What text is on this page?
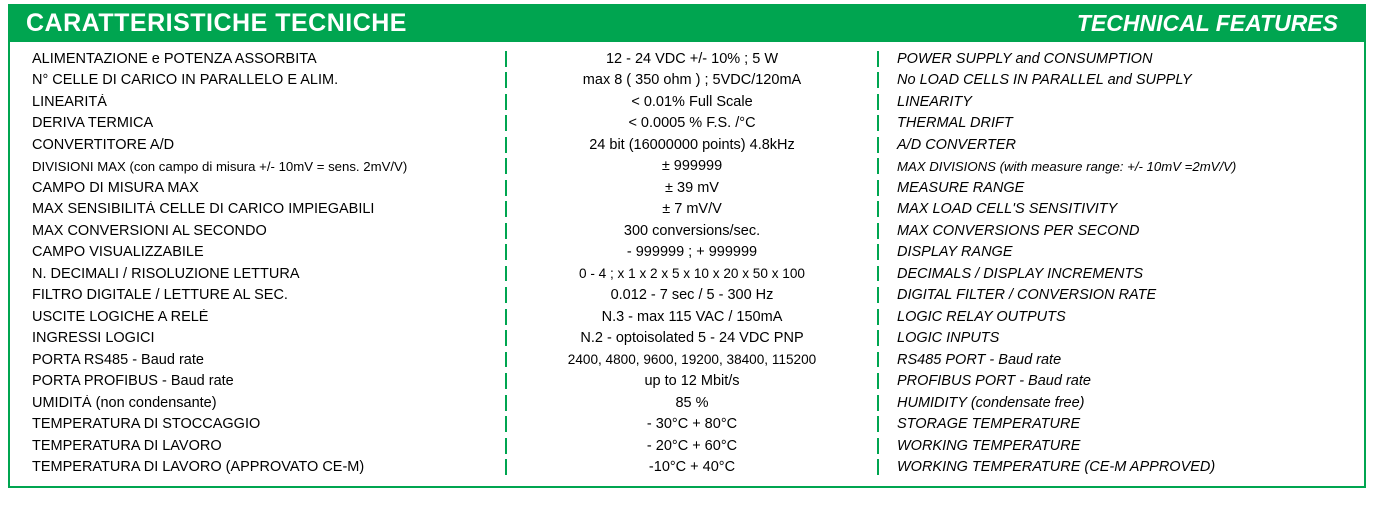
CARATTERISTICHE TECNICHE	TECHNICAL FEATURES
ALIMENTAZIONE e POTENZA ASSORBITA	12 - 24 VDC +/- 10% ; 5 W	POWER SUPPLY and CONSUMPTION
N° CELLE DI CARICO IN PARALLELO E ALIM.	max 8 ( 350 ohm ) ; 5VDC/120mA	No LOAD CELLS IN PARALLEL and SUPPLY
LINEARITÀ	< 0.01% Full Scale	LINEARITY
DERIVA TERMICA	< 0.0005 % F.S. /°C	THERMAL DRIFT
CONVERTITORE A/D	24 bit (16000000 points) 4.8kHz	A/D CONVERTER
DIVISIONI MAX (con campo di misura +/- 10mV = sens. 2mV/V)	± 999999	MAX DIVISIONS (with measure range: +/- 10mV =2mV/V)
CAMPO DI MISURA MAX	± 39 mV	MEASURE RANGE
MAX SENSIBILITÀ CELLE DI CARICO IMPIEGABILI	± 7 mV/V	MAX LOAD CELL'S SENSITIVITY
MAX CONVERSIONI AL SECONDO	300 conversions/sec.	MAX CONVERSIONS PER SECOND
CAMPO VISUALIZZABILE	- 999999 ; + 999999	DISPLAY RANGE
N. DECIMALI / RISOLUZIONE LETTURA	0 - 4 ; x 1 x 2 x 5 x 10 x 20 x 50 x 100	DECIMALS / DISPLAY INCREMENTS
FILTRO DIGITALE / LETTURE AL SEC.	0.012 - 7 sec / 5 - 300 Hz	DIGITAL FILTER / CONVERSION RATE
USCITE LOGICHE A RELÈ	N.3 - max 115 VAC / 150mA	LOGIC RELAY OUTPUTS
INGRESSI LOGICI	N.2 - optoisolated 5 - 24 VDC PNP	LOGIC INPUTS
PORTA RS485 - Baud rate	2400, 4800, 9600, 19200, 38400, 115200	RS485 PORT - Baud rate
PORTA PROFIBUS - Baud rate	up to 12 Mbit/s	PROFIBUS PORT - Baud rate
UMIDITÀ (non condensante)	85 %	HUMIDITY (condensate free)
TEMPERATURA DI STOCCAGGIO	- 30°C + 80°C	STORAGE TEMPERATURE
TEMPERATURA DI LAVORO	- 20°C + 60°C	WORKING TEMPERATURE
TEMPERATURA DI LAVORO (APPROVATO CE-M)	-10°C + 40°C	WORKING TEMPERATURE (CE-M APPROVED)
